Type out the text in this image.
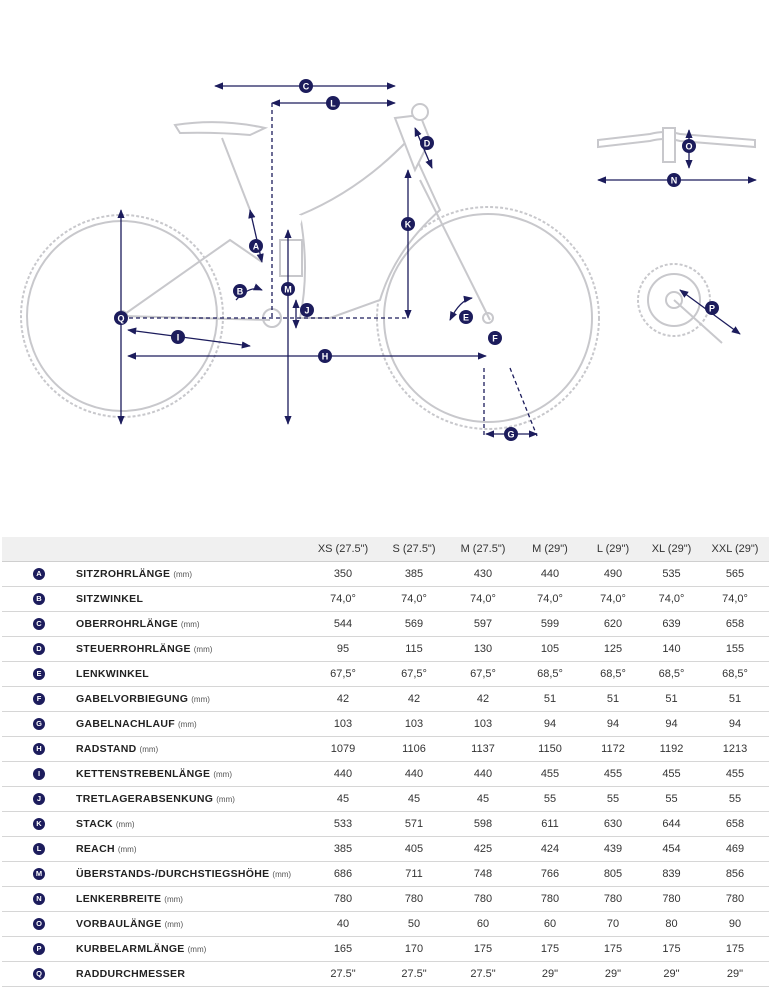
C
L
D
K
A
B	M
J
Q
I
H
E
F
G
O
N
P
		XS (27.5")	S (27.5")	M (27.5")	M (29")	L (29")	XL (29")	XXL (29")
A	SITZROHRLÄNGE (mm)	350	385	430	440	490	535	565
B	SITZWINKEL	74,0°	74,0°	74,0°	74,0°	74,0°	74,0°	74,0°
C	OBERROHRLÄNGE (mm)	544	569	597	599	620	639	658
D	STEUERROHRLÄNGE (mm)	95	115	130	105	125	140	155
E	LENKWINKEL	67,5°	67,5°	67,5°	68,5°	68,5°	68,5°	68,5°
F	GABELVORBIEGUNG (mm)	42	42	42	51	51	51	51
G	GABELNACHLAUF (mm)	103	103	103	94	94	94	94
H	RADSTAND (mm)	1079	1106	1137	1150	1172	1192	1213
I	KETTENSTREBENLÄNGE (mm)	440	440	440	455	455	455	455
J	TRETLAGERABSENKUNG (mm)	45	45	45	55	55	55	55
K	STACK (mm)	533	571	598	611	630	644	658
L	REACH (mm)	385	405	425	424	439	454	469
M	ÜBERSTANDS-/DURCHSTIEGSHÖHE (mm)	686	711	748	766	805	839	856
N	LENKERBREITE (mm)	780	780	780	780	780	780	780
O	VORBAULÄNGE (mm)	40	50	60	60	70	80	90
P	KURBELARMLÄNGE (mm)	165	170	175	175	175	175	175
Q	RADDURCHMESSER	27.5"	27.5"	27.5"	29"	29"	29"	29"
